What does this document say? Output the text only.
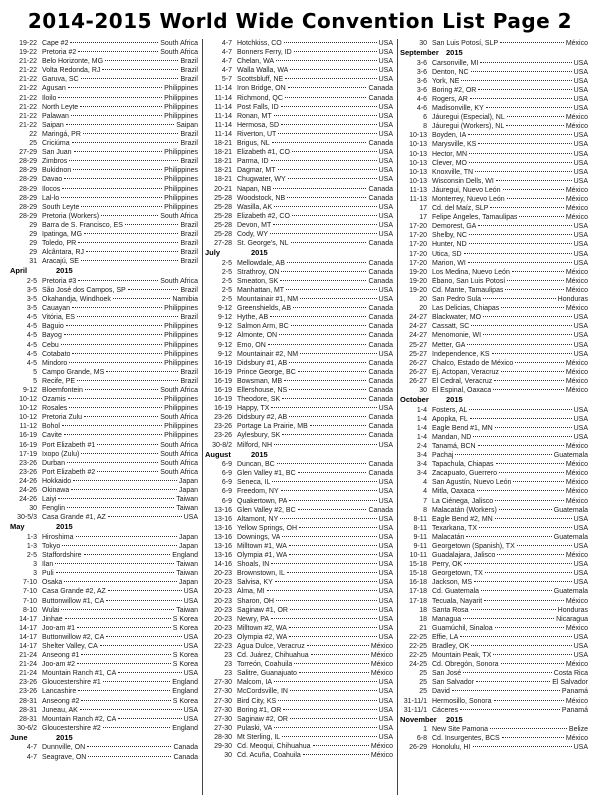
2014-2015 World Wide Convention List Page 2
19-22 Cape #2	South Africa
19-22 Pretoria #2	South Africa
21-22 Belo Horizonte, MG	Brazil
21-22 Volta Redonda, RJ	Brazil
21-22 Garuva, SC	Brazil
21-22 Agusan	Philippines
21-22 Iloilo	Philippines
21-22 North Leyte	Philippines
21-22 Palawan	Philippines
21-22 Saipan	Saipan
22 Maringá, PR	Brazil
25 Criciúma	Brazil
27-29 San Juan	Philippines
28-29 Zimbros	Brazil
28-29 Bukidnon	Philippines
28-29 Davao	Philippines
28-29 Ilocos	Philippines
28-29 Lal-lo	Philippines
28-29 South Leyte	Philippines
28-29 Pretoria (Workers)	South Africa
29 Barra de S. Francisco, ES	Brazil
29 Ipatinga, MG	Brazil
29 Toledo, PR	Brazil
29 Alcântara, RJ	Brazil
31 Aracajú, SE	Brazil
April	2015
2-5 Pretoria #3	South Africa
3-5 São José dos Campos, SP	Brazil
3-5 Okahandja, Windhoek	Namibia
3-5 Cauayan	Philippines
4-5 Vitória, ES	Brazil
4-5 Baguio	Philippines
4-5 Bayog	Philippines
4-5 Cebu	Philippines
4-5 Cotabato	Philippines
4-5 Mindoro	Philippines
5 Campo Grande, MS	Brazil
5 Recife, PE	Brazil
9-12 Bloemfontein	South Africa
10-12 Ozamis	Philippines
10-12 Rosales	Philippines
10-12 Pretoria Zulu	South Africa
11-12 Bohol	Philippines
16-19 Cavite	Philippines
16-19 Port Elizabeth #1	South Africa
17-19 Ixopo (Zulu)	South Africa
23-26 Durban	South Africa
23-26 Port Elizabeth #2	South Africa
24-26 Hokkaido	Japan
24-26 Okinawa	Japan
24-26 Laiyi	Taiwan
30 Fenglin	Taiwan
30-5/3 Casa Grande #1, AZ	USA
May	2015
1-3 Hiroshima	Japan
1-3 Tokyo	Japan
2-5 Staffordshire	England
3 Ilan	Taiwan
3 Puli	Taiwan
7-10 Osaka	Japan
7-10 Casa Grande #2, AZ	USA
7-10 Buttonwillow #1, CA	USA
8-10 Wulai	Taiwan
14-17 Jinhae	S Korea
14-17 Joo-am #1	S Korea
14-17 Buttonwillow #2, CA	USA
14-17 Shelter Valley, CA	USA
21-24 Anseong #1	S Korea
21-24 Joo-am #2	S Korea
21-24 Mountain Ranch #1, CA	USA
23-26 Gloucestershire #1	England
23-26 Lancashire	England
28-31 Anseong #2	S Korea
28-31 Juneau, AK	USA
28-31 Mountain Ranch #2, CA	USA
30-6/2 Gloucestershire #2	England
June	2015
4-7 Dunnville, ON	Canada
4-7 Seagrave, ON	Canada
4-7 Hotchkiss, CO	USA
4-7 Bonners Ferry, ID	USA
4-7 Chelan, WA	USA
4-7 Walla Walla, WA	USA
5-7 Scottsbluff, NE	USA
11-14 Iron Bridge, ON	Canada
11-14 Richmond, QC	Canada
11-14 Post Falls, ID	USA
11-14 Ronan, MT	USA
11-14 Hermosa, SD	USA
11-14 Riverton, UT	USA
18-21 Brigus, NL	Canada
18-21 Elizabeth #1, CO	USA
18-21 Parma, ID	USA
18-21 Dagmar, MT	USA
18-21 Chugwater, WY	USA
20-21 Napan, NB	Canada
25-28 Woodstock, NB	Canada
25-28 Wasilla, AK	USA
25-28 Elizabeth #2, CO	USA
25-28 Devon, MT	USA
25-28 Cody, WY	USA
27-28 St. George's, NL	Canada
July	2015
2-5 Mellowdale, AB	Canada
2-5 Strathroy, ON	Canada
2-5 Smeaton, SK	Canada
2-5 Manhattan, MT	USA
2-5 Mountainair #1, NM	USA
9-12 Greenshields, AB	Canada
9-12 Hythe, AB	Canada
9-12 Salmon Arm, BC	Canada
9-12 Almonte, ON	Canada
9-12 Emo, ON	Canada
9-12 Mountainair #2, NM	USA
16-19 Didsbury #1, AB	Canada
16-19 Prince George, BC	Canada
16-19 Bowsman, MB	Canada
16-19 Ellershouse, NS	Canada
16-19 Theodore, SK	Canada
16-19 Happy, TX	USA
23-26 Didsbury #2, AB	Canada
23-26 Portage La Prairie, MB	Canada
23-26 Aylesbury, SK	Canada
30-8/2 Milford, NH	USA
August	2015
6-9 Duncan, BC	Canada
6-9 Glen Valley #1, BC	Canada
6-9 Seneca, IL	USA
6-9 Freedom, NY	USA
6-9 Quakertown, PA	USA
13-16 Glen Valley #2, BC	Canada
13-16 Altamont, NY	USA
13-16 Yellow Springs, OH	USA
13-16 Downings, VA	USA
13-16 Milltown #1, WA	USA
13-16 Olympia #1, WA	USA
14-16 Shoals, IN	USA
20-23 Brownstown, IL	USA
20-23 Salvisa, KY	USA
20-23 Alma, MI	USA
20-23 Sharon, OH	USA
20-23 Saginaw #1, OR	USA
20-23 Newry, PA	USA
20-23 Milltown #2, WA	USA
20-23 Olympia #2, WA	USA
22-23 Agua Dulce, Veracruz	México
23 Cd. Juárez, Chihuahua	México
23 Torreón, Coahuila	México
23 Salitre, Guanajuato	México
27-30 Malcom, IA	USA
27-30 McCordsville, IN	USA
27-30 Bird City, KS	USA
27-30 Boring #1, OR	USA
27-30 Saginaw #2, OR	USA
27-30 Pulaski, VA	USA
28-30 Mt Sterling, IL	USA
29-30 Cd. Meoqui, Chihuahua	México
30 Cd. Acuña, Coahuila	México
30 San Luis Potosí, SLP	México
September 2015
3-6 Carsonville, MI	USA
3-6 Denton, NC	USA
3-6 York, NE	USA
3-6 Boring #2, OR	USA
4-6 Rogers, AR	USA
4-6 Madisonville, KY	USA
6 Jáuregui (Especial), NL	México
8 Jáuregui (Workers), NL	México
10-13 Boyden, IA	USA
10-13 Marysville, KS	USA
10-13 Hector, MN	USA
10-13 Clever, MO	USA
10-13 Knoxville, TN	USA
10-13 Wisconsin Dells, WI	USA
11-13 Jáuregui, Nuevo León	México
11-13 Monterrey, Nuevo León	México
17 Cd. del Maíz, SLP	México
17 Felipe Ángeles, Tamaulipas	México
17-20 Demorest, GA	USA
17-20 Shelby, NC	USA
17-20 Hunter, ND	USA
17-20 Utica, SD	USA
17-20 Marion, WI	USA
19-20 Los Medina, Nuevo León	México
19-20 Ébano, San Luis Potosí	México
19-20 Cd. Mante, Tamaulipas	México
20 San Pedro Sula	Honduras
20 Las Delicias, Chiapas	México
24-27 Blackwater, MO	USA
24-27 Cassatt, SC	USA
24-27 Menomonie, WI	USA
25-27 Metter, GA	USA
25-27 Independence, KS	USA
26-27 Chalco, Estado de México	México
26-27 Ej. Actopan, Veracruz	México
26-27 El Cedral, Veracruz	México
30 El Espinal, Oaxaca	México
October	2015
1-4 Fosters, AL	USA
1-4 Apopka, FL	USA
1-4 Eagle Bend #1, MN	USA
1-4 Mandan, ND	USA
2-4 Tanamá, BCN	México
3-4 Pachaj	Guatemala
3-4 Tapachula, Chiapas	México
3-4 Zacapuato, Guerrero	México
4 San Agustín, Nuevo León	México
4 Mitla, Oaxaca	México
7 La Ciénega, Jalisco	México
8 Malacatán (Workers)	Guatemala
8-11 Eagle Bend #2, MN	USA
8-11 Texarkana, TX	USA
9-11 Malacatán	Guatemala
9-11 Georgetown (Spanish), TX	USA
10-11 Guadalajara, Jalisco	México
15-18 Perry, OK	USA
15-18 Georgetown, TX	USA
16-18 Jackson, MS	USA
17-18 Cd. Guatemala	Guatemala
17-18 Tecuala, Nayarit	México
18 Santa Rosa	Honduras
18 Managua	Nicaragua
21 Guamúchil, Sinaloa	México
22-25 Effie, LA	USA
22-25 Bradley, OK	USA
22-25 Mountain Peak, TX	USA
24-25 Cd. Obregón, Sonora	México
25 San José	Costa Rica
25 San Salvador	El Salvador
25 David	Panamá
31-11/1 Hermosillo, Sonora	México
31-11/1 Cáceres	Panamá
November	2015
1 New Site Pamona	Belize
6-8 Cd. Insurgentes, BCS	México
26-29 Honolulu, HI	USA
